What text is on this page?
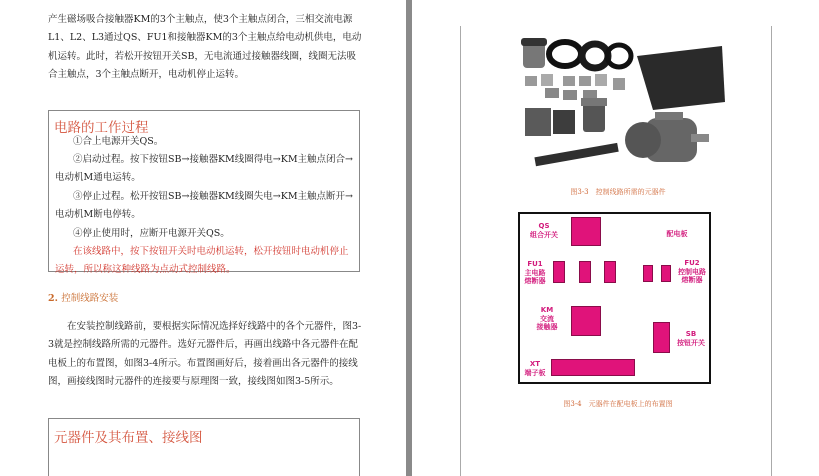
产生磁场吸合接触器KM的3个主触点，使3个主触点闭合，三相交流电源L1、L2、L3通过QS、FU1和接触器KM的3个主触点给电动机供电，电动机运转。此时，若松开按钮开关SB，无电流通过接触器线圈，线圈无法吸合主触点，3个主触点断开，电动机停止运转。
电路的工作过程
①合上电源开关QS。
②启动过程。按下按钮SB→接触器KM线圈得电→KM主触点闭合→电动机M通电运转。
③停止过程。松开按钮SB→接触器KM线圈失电→KM主触点断开→电动机M断电停转。
④停止使用时，应断开电源开关QS。
在该线路中，按下按钮开关时电动机运转，松开按钮时电动机停止运转，所以称这种线路为点动式控制线路。
2. 控制线路安装
在安装控制线路前，要根据实际情况选择好线路中的各个元器件，图3-3就是控制线路所需的元器件。选好元器件后，再画出线路中各元器件在配电板上的布置图，如图3-4所示。布置图画好后，接着画出各元器件的接线图，画接线图时元器件的连接要与原理图一致，接线图如图3-5所示。
元器件及其布置、接线图
图3-3　控制线路所需的元器件
QS
组合开关	配电板
FU1
主电路
熔断器
FU2
控制电路
熔断器
KM
交流
接触器
SB
按钮开关
XT
端子板
图3-4　元器件在配电板上的布置图
